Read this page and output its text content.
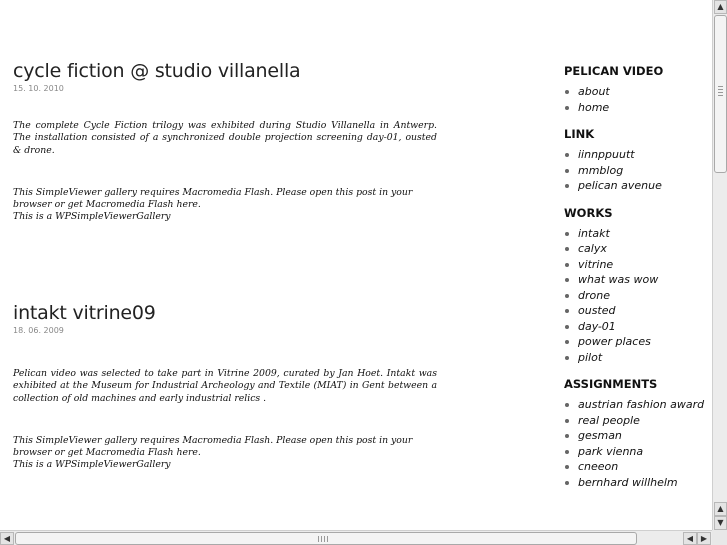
cycle fiction @ studio villanella
15. 10. 2010

The complete Cycle Fiction trilogy was exhibited during Studio Villanella in Antwerp. The installation consisted of a synchronized double projection screening day-01, ousted & drone.

This SimpleViewer gallery requires Macromedia Flash. Please open this post in your browser or get Macromedia Flash here.

This is a WPSimpleViewerGallery

intakt vitrine09
18. 06. 2009

Pelican video was selected to take part in Vitrine 2009, curated by Jan Hoet. Intakt was exhibited at the Museum for Industrial Archeology and Textile (MIAT) in Gent between a collection of old machines and early industrial relics .

This SimpleViewer gallery requires Macromedia Flash. Please open this post in your browser or get Macromedia Flash here.

This is a WPSimpleViewerGallery

PELICAN VIDEO
about
home
LINK
iinnppuutt
mmblog
pelican avenue
WORKS
intakt
calyx
vitrine
what was wow
drone
ousted
day-01
power places
pilot
ASSIGNMENTS
austrian fashion award
real people
gesman
park vienna
cneeon
bernhard willhelm
▲
▲
▼
◀	◀ ▶
